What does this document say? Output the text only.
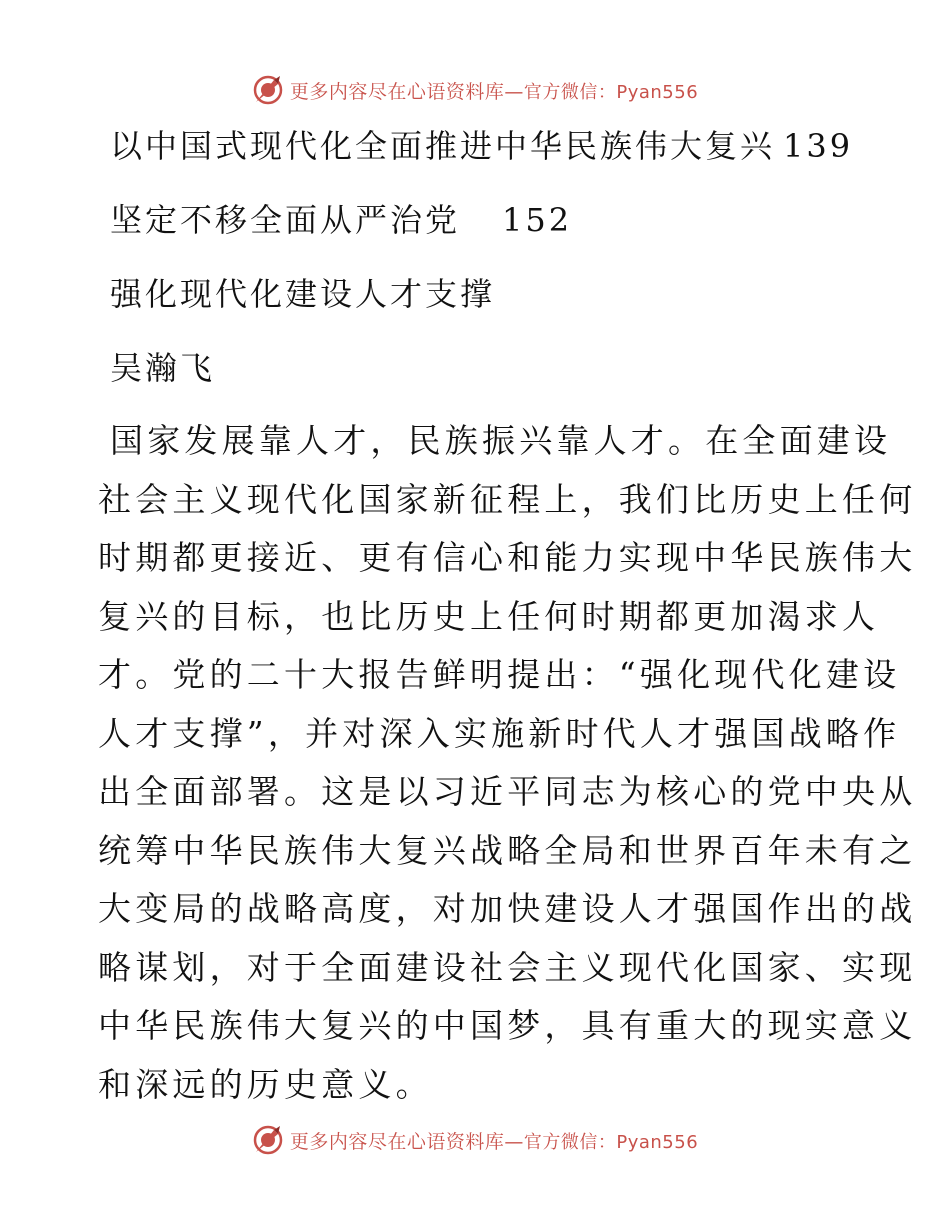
更多内容尽在心语资料库—官方微信：Pyan556
以中国式现代化全面推进中华民族伟大复兴 139
坚定不移全面从严治党 152
强化现代化建设人才支撑
吴瀚飞
国家发展靠人才，民族振兴靠人才。在全面建设
社会主义现代化国家新征程上，我们比历史上任何
时期都更接近、更有信心和能力实现中华民族伟大
复兴的目标，也比历史上任何时期都更加渴求人
才。党的二十大报告鲜明提出：“强化现代化建设
人才支撑”，并对深入实施新时代人才强国战略作
出全面部署。这是以习近平同志为核心的党中央从
统筹中华民族伟大复兴战略全局和世界百年未有之
大变局的战略高度，对加快建设人才强国作出的战
略谋划，对于全面建设社会主义现代化国家、实现
中华民族伟大复兴的中国梦，具有重大的现实意义
和深远的历史意义。
更多内容尽在心语资料库—官方微信：Pyan556
